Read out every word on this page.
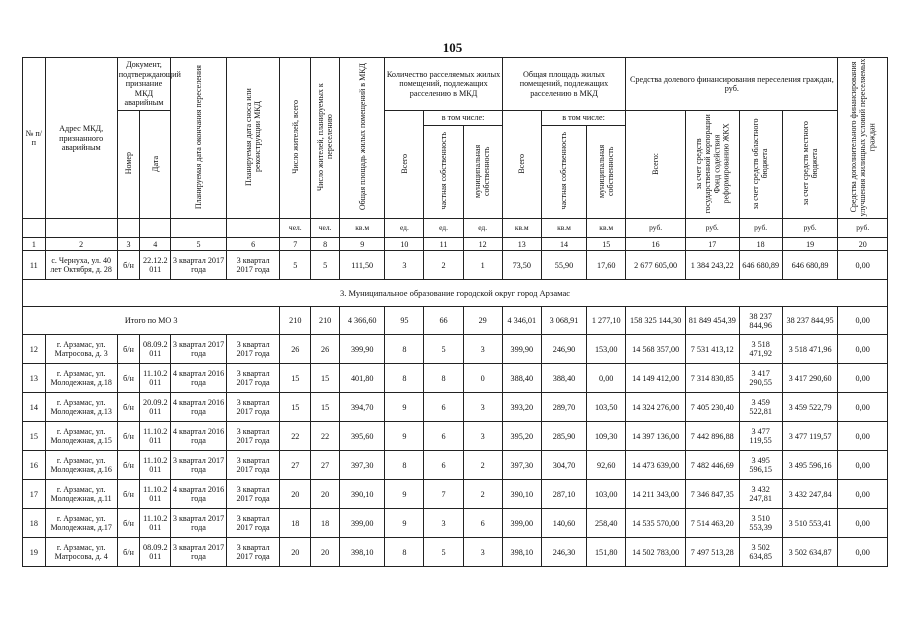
105
№ п/п	Адрес МКД, признанного аварийным	Документ, подтверждающий признание МКД аварийным		Планируемая дата окончания переселения	Планируемая дата сноса или реконструкции МКД	Число жителей, всего	Число жителей, планируемых к переселению	Общая площадь жилых помещений в МКД	Количество расселяемых жилых помещений, подлежащих расселению в МКД			Общая площадь жилых помещений, подлежащих расселению в МКД			Средства долевого финансирования переселения граждан, руб.				Средства дополнительного финансирования улучшения жилищных условий переселяемых граждан
		Номер	Дата						Всего	в том числе:		Всего	в том числе:		Всего:	за счет средств государственной корпорации Фонд содействия реформированию ЖКХ	за счет средств областного бюджета	за счет средств местного бюджета	
										частная собственность	муниципальная собственность		частная собственность	муниципальная собственность					
						чел.	чел.	кв.м	ед.	ед.	ед.	кв.м	кв.м	кв.м	руб.	руб.	руб.	руб.	руб.
1	2	3	4	5	6	7	8	9	10	11	12	13	14	15	16	17	18	19	20
11	с. Чернуха, ул. 40 лет Октября, д. 28	б/н	22.12.2 011	3 квартал 2017 года	3 квартал 2017 года	5	5	111,50	3	2	1	73,50	55,90	17,60	2 677 605,00	1 384 243,22	646 680,89	646 680,89	0,00
3. Муниципальное образование городской округ город Арзамас																			
Итого по МО 3						210	210	4 366,60	95	66	29	4 346,01	3 068,91	1 277,10	158 325 144,30	81 849 454,39	38 237 844,96	38 237 844,95	0,00
12	г. Арзамас, ул. Матросова, д. 3	б/н	08.09.2 011	3 квартал 2017 года	3 квартал 2017 года	26	26	399,90	8	5	3	399,90	246,90	153,00	14 568 357,00	7 531 413,12	3 518 471,92	3 518 471,96	0,00
13	г. Арзамас, ул. Молодежная, д.18	б/н	11.10.2 011	4 квартал 2016 года	3 квартал 2017 года	15	15	401,80	8	8	0	388,40	388,40	0,00	14 149 412,00	7 314 830,85	3 417 290,55	3 417 290,60	0,00
14	г. Арзамас, ул. Молодежная, д.13	б/н	20.09.2 011	4 квартал 2016 года	3 квартал 2017 года	15	15	394,70	9	6	3	393,20	289,70	103,50	14 324 276,00	7 405 230,40	3 459 522,81	3 459 522,79	0,00
15	г. Арзамас, ул. Молодежная, д.15	б/н	11.10.2 011	4 квартал 2016 года	3 квартал 2017 года	22	22	395,60	9	6	3	395,20	285,90	109,30	14 397 136,00	7 442 896,88	3 477 119,55	3 477 119,57	0,00
16	г. Арзамас, ул. Молодежная, д.16	б/н	11.10.2 011	3 квартал 2017 года	3 квартал 2017 года	27	27	397,30	8	6	2	397,30	304,70	92,60	14 473 639,00	7 482 446,69	3 495 596,15	3 495 596,16	0,00
17	г. Арзамас, ул. Молодежная, д.11	б/н	11.10.2 011	4 квартал 2016 года	3 квартал 2017 года	20	20	390,10	9	7	2	390,10	287,10	103,00	14 211 343,00	7 346 847,35	3 432 247,81	3 432 247,84	0,00
18	г. Арзамас, ул. Молодежная, д.17	б/н	11.10.2 011	3 квартал 2017 года	3 квартал 2017 года	18	18	399,00	9	3	6	399,00	140,60	258,40	14 535 570,00	7 514 463,20	3 510 553,39	3 510 553,41	0,00
19	г. Арзамас, ул. Матросова, д. 4	б/н	08.09.2 011	3 квартал 2017 года	3 квартал 2017 года	20	20	398,10	8	5	3	398,10	246,30	151,80	14 502 783,00	7 497 513,28	3 502 634,85	3 502 634,87	0,00
